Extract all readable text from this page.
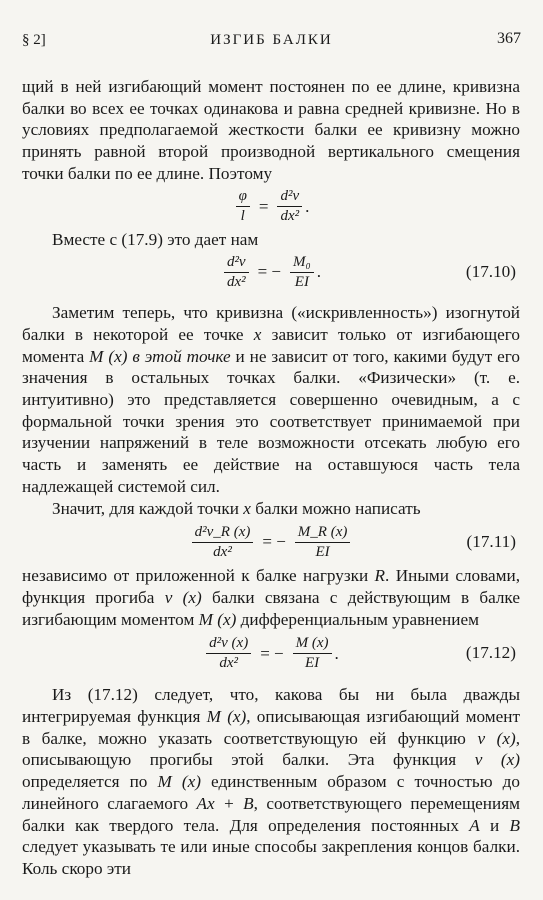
§ 2]	ИЗГИБ БАЛКИ	367

щий в ней изгибающий момент постоянен по ее длине, кривизна балки во всех ее точках одинакова и равна средней кривизне. Но в условиях предполагаемой жесткости балки ее кривизну можно принять равной второй производной вертикального смещения точки балки по ее длине. Поэтому

$\frac{\varphi}{l} = \frac{\text{d²v}}{\text{dx²}}$ .

Вместе с (17.9) это дает нам

$\frac{\text{d²v}}{\text{dx²}}$ = − $\frac{\text{M₀}}{EI}$ .	(17.10)

Заметим теперь, что кривизна («искривленность») изогнутой балки в некоторой ее точке x зависит только от изгибающего момента M (x) в этой точке и не зависит от того, какими будут его значения в остальных точках балки. «Физически» (т. е. интуитивно) это представляется совершенно очевидным, а с формальной точки зрения это соответствует принимаемой при изучении напряжений в теле возможности отсекать любую его часть и заменять ее действие на оставшуюся часть тела надлежащей системой сил.

Значит, для каждой точки x балки можно написать

$\frac{\text{d²v\_R (x)}}{\text{dx²}}$ = − $\frac{M\_R (x)}{EI}$	(17.11)

независимо от приложенной к балке нагрузки R. Иными словами, функция прогиба v (x) балки связана с действующим в балке изгибающим моментом M (x) дифференциальным уравнением

$\frac{\text{d²v (x)}}{\text{dx²}}$ = − $\frac{M (x)}{EI}$ .	(17.12)

Из (17.12) следует, что, какова бы ни была дважды интегрируемая функция M (x), описывающая изгибающий момент в балке, можно указать соответствующую ей функцию v (x), описывающую прогибы этой балки. Эта функция v (x) определяется по M (x) единственным образом с точностью до линейного слагаемого Ax + B, соответствующего перемещениям балки как твердого тела. Для определения постоянных A и B следует указывать те или иные способы закрепления концов балки. Коль скоро эти
